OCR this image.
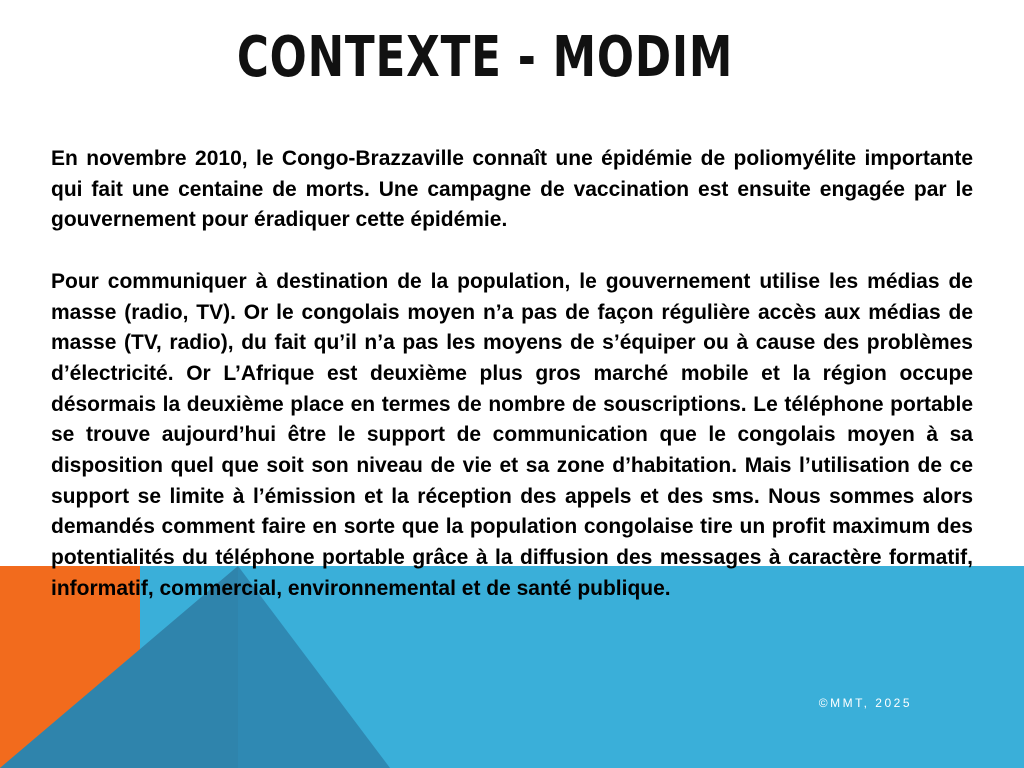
CONTEXTE - MODIM

En novembre 2010, le Congo-Brazzaville connaît une épidémie de poliomyélite importante qui fait une centaine de morts. Une campagne de vaccination est ensuite engagée par le gouvernement pour éradiquer cette épidémie.

Pour communiquer à destination de la population, le gouvernement utilise les médias de masse (radio, TV). Or le congolais moyen n’a pas de façon régulière accès aux médias de masse (TV, radio), du fait qu’il n’a pas les moyens de s’équiper ou à cause des problèmes d’électricité. Or L’Afrique est deuxième plus gros marché mobile et la région occupe désormais la deuxième place en termes de nombre de souscriptions. Le téléphone portable se trouve aujourd’hui être le support de communication que le congolais moyen à sa disposition quel que soit son niveau de vie et sa zone d’habitation. Mais l’utilisation de ce support se limite à l’émission et la réception des appels et des sms. Nous sommes alors demandés comment faire en sorte que la population congolaise tire un profit maximum des potentialités du téléphone portable grâce à la diffusion des messages à caractère formatif, informatif, commercial, environnemental et de santé publique.

©MMT, 2025
